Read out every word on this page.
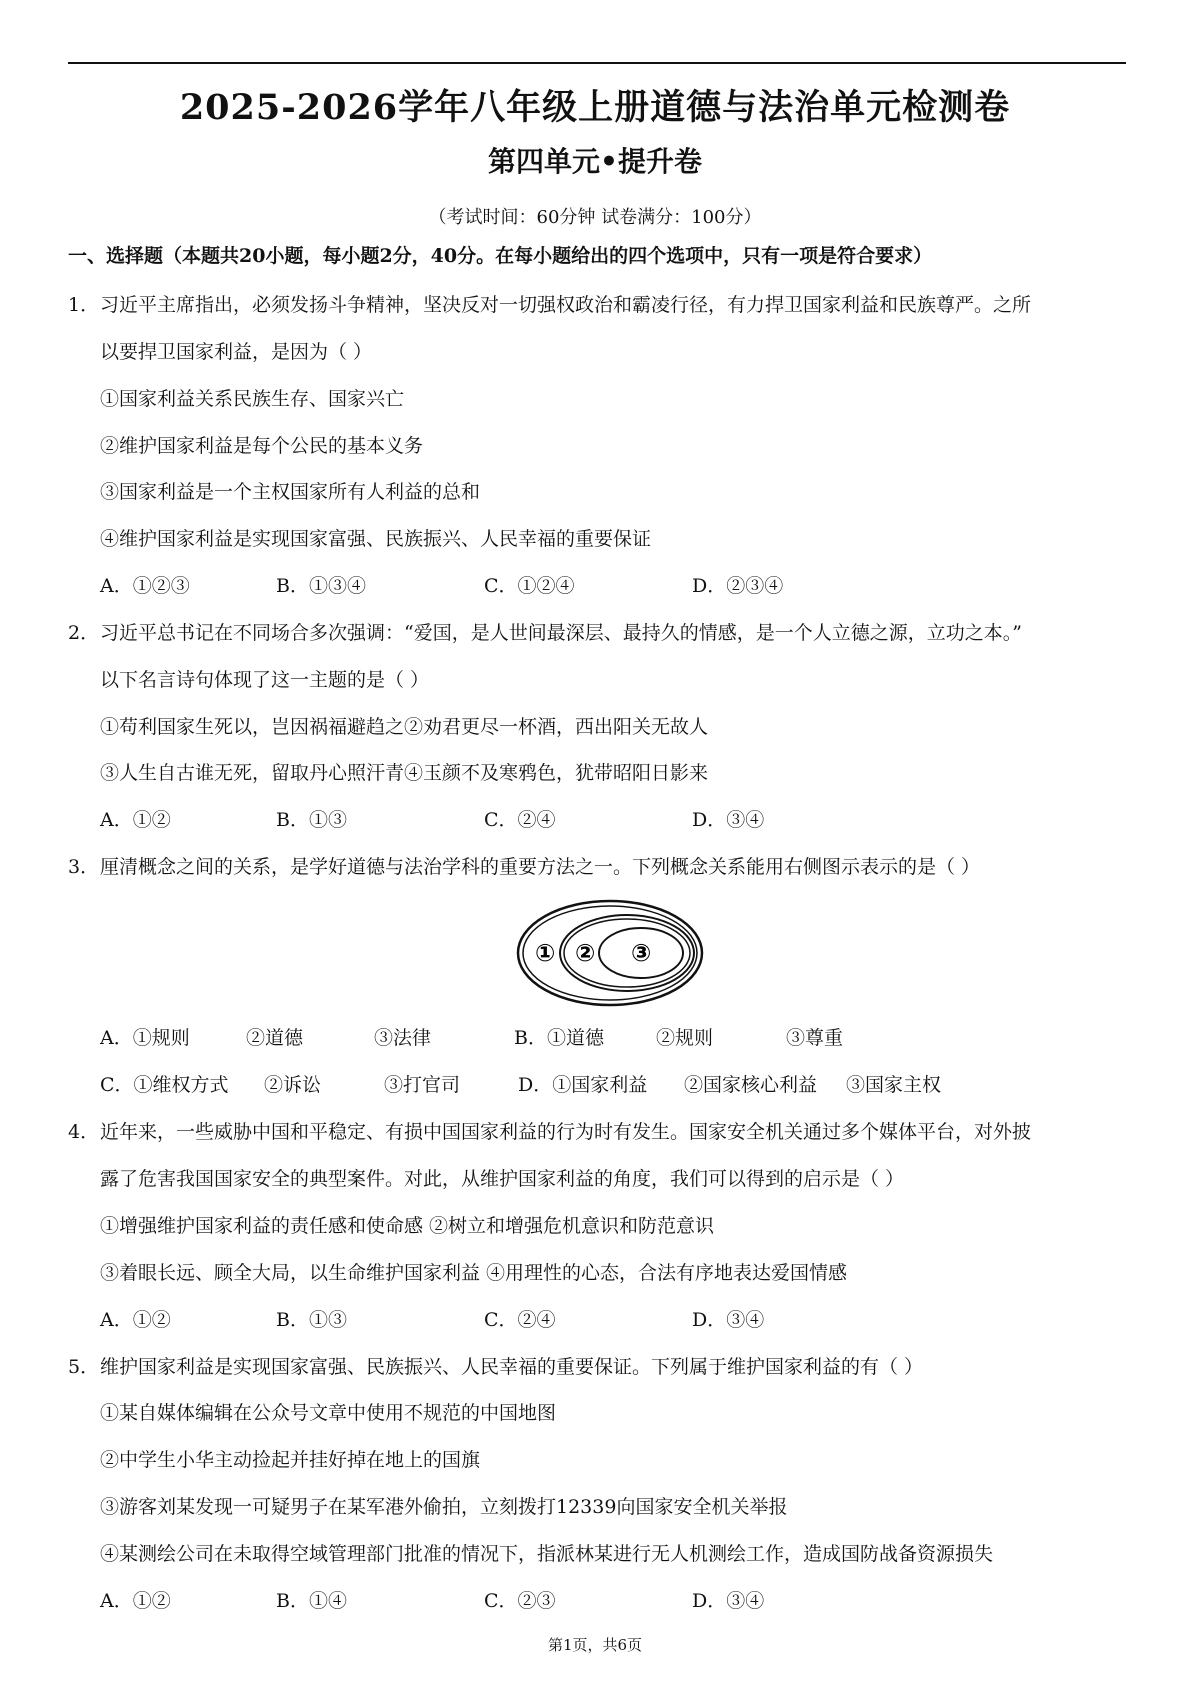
2025-2026学年八年级上册道德与法治单元检测卷
第四单元•提升卷
（考试时间：60分钟 试卷满分：100分）
一、选择题（本题共20小题，每小题2分，40分。在每小题给出的四个选项中，只有一项是符合要求）
1．习近平主席指出，必须发扬斗争精神，坚决反对一切强权政治和霸凌行径，有力捍卫国家利益和民族尊严。之所
以要捍卫国家利益，是因为（ ）
①国家利益关系民族生存、国家兴亡
②维护国家利益是每个公民的基本义务
③国家利益是一个主权国家所有人利益的总和
④维护国家利益是实现国家富强、民族振兴、人民幸福的重要保证
A．①②③	B．①③④	C．①②④	D．②③④
2．习近平总书记在不同场合多次强调：“爱国，是人世间最深层、最持久的情感，是一个人立德之源，立功之本。”
以下名言诗句体现了这一主题的是（ ）
①苟利国家生死以，岂因祸福避趋之②劝君更尽一杯酒，西出阳关无故人
③人生自古谁无死，留取丹心照汗青④玉颜不及寒鸦色，犹带昭阳日影来
A．①②	B．①③	C．②④	D．③④
3．厘清概念之间的关系，是学好道德与法治学科的重要方法之一。下列概念关系能用右侧图示表示的是（ ）
① ② ③
A．①规则	②道德	③法律	B．①道德	②规则	③尊重
C．①维权方式 ②诉讼	③打官司	D．①国家利益 ②国家核心利益 ③国家主权
4．近年来，一些威胁中国和平稳定、有损中国国家利益的行为时有发生。国家安全机关通过多个媒体平台，对外披
露了危害我国国家安全的典型案件。对此，从维护国家利益的角度，我们可以得到的启示是（ ）
①增强维护国家利益的责任感和使命感 ②树立和增强危机意识和防范意识
③着眼长远、顾全大局，以生命维护国家利益 ④用理性的心态，合法有序地表达爱国情感
A．①②	B．①③	C．②④	D．③④
5．维护国家利益是实现国家富强、民族振兴、人民幸福的重要保证。下列属于维护国家利益的有（ ）
①某自媒体编辑在公众号文章中使用不规范的中国地图
②中学生小华主动捡起并挂好掉在地上的国旗
③游客刘某发现一可疑男子在某军港外偷拍，立刻拨打12339向国家安全机关举报
④某测绘公司在未取得空域管理部门批准的情况下，指派林某进行无人机测绘工作，造成国防战备资源损失
A．①②	B．①④	C．②③	D．③④
第1页，共6页
